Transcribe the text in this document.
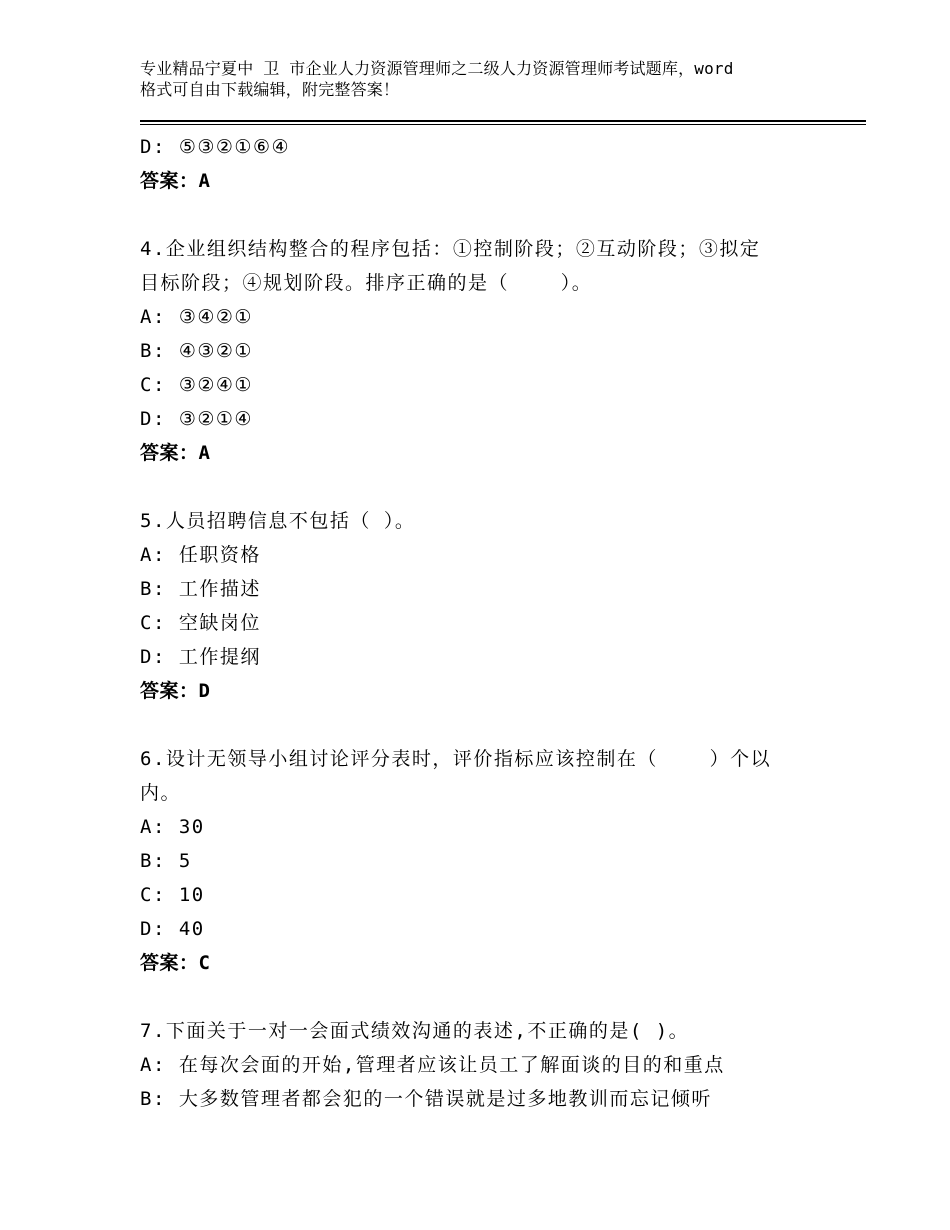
专业精品宁夏中 卫 市企业人力资源管理师之二级人力资源管理师考试题库，word
格式可自由下载编辑，附完整答案！
D: ⑤③②①⑥④
答案：A
4.企业组织结构整合的程序包括：①控制阶段；②互动阶段；③拟定
目标阶段；④规划阶段。排序正确的是（    ）。
A: ③④②①
B: ④③②①
C: ③②④①
D: ③②①④
答案：A
5.人员招聘信息不包括（ ）。
A: 任职资格
B: 工作描述
C: 空缺岗位
D: 工作提纲
答案：D
6.设计无领导小组讨论评分表时，评价指标应该控制在（    ）个以
内。
A: 30
B: 5
C: 10
D: 40
答案：C
7.下面关于一对一会面式绩效沟通的表述,不正确的是( )。
A: 在每次会面的开始,管理者应该让员工了解面谈的目的和重点
B: 大多数管理者都会犯的一个错误就是过多地教训而忘记倾听
